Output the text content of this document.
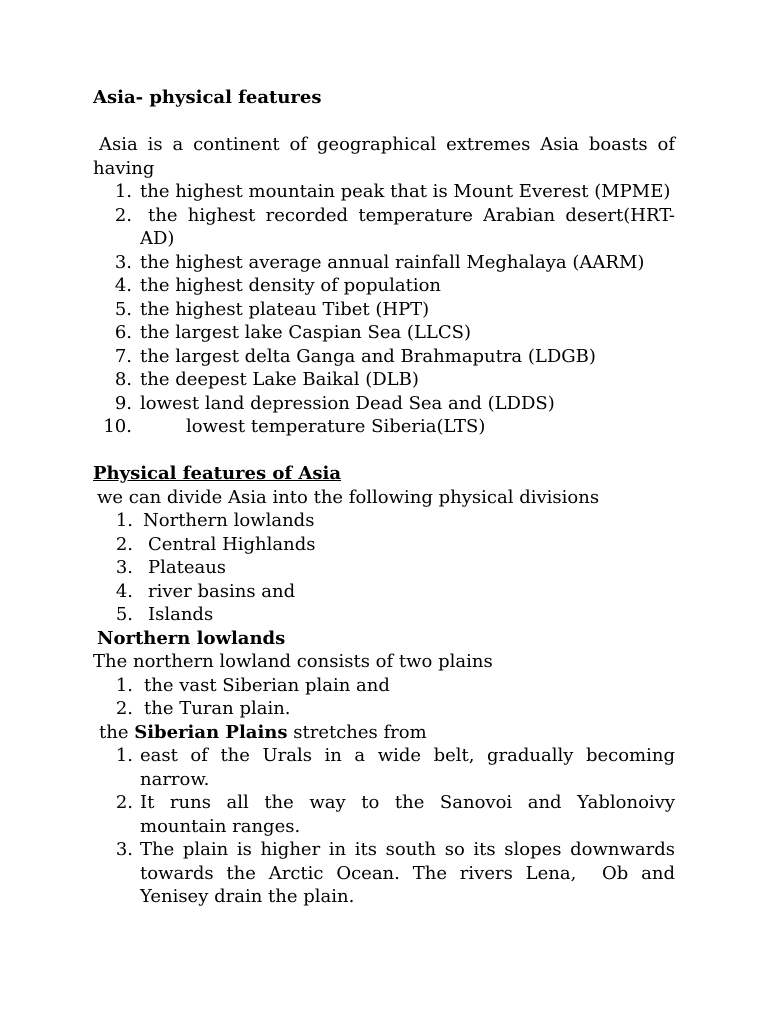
Asia- physical features
Asia is a continent of geographical extremes Asia boasts of
having
1. the highest mountain peak that is Mount Everest (MPME)
2. the highest recorded temperature Arabian desert(HRT-
AD)
3. the highest average annual rainfall Meghalaya (AARM)
4. the highest density of population
5. the highest plateau Tibet (HPT)
6. the largest lake Caspian Sea (LLCS)
7. the largest delta Ganga and Brahmaputra (LDGB)
8. the deepest Lake Baikal (DLB)
9. lowest land depression Dead Sea and (LDDS)
10.	lowest temperature Siberia(LTS)
Physical features of Asia
we can divide Asia into the following physical divisions
1. Northern lowlands
2. Central Highlands
3. Plateaus
4. river basins and
5. Islands
Northern lowlands
The northern lowland consists of two plains
1. the vast Siberian plain and
2. the Turan plain.
the Siberian Plains stretches from
1. east of the Urals in a wide belt, gradually becoming
narrow.
2. It runs all the way to the Sanovoi and Yablonoivy
mountain ranges.
3. The plain is higher in its south so its slopes downwards
towards the Arctic Ocean. The rivers Lena,  Ob and
Yenisey drain the plain.
